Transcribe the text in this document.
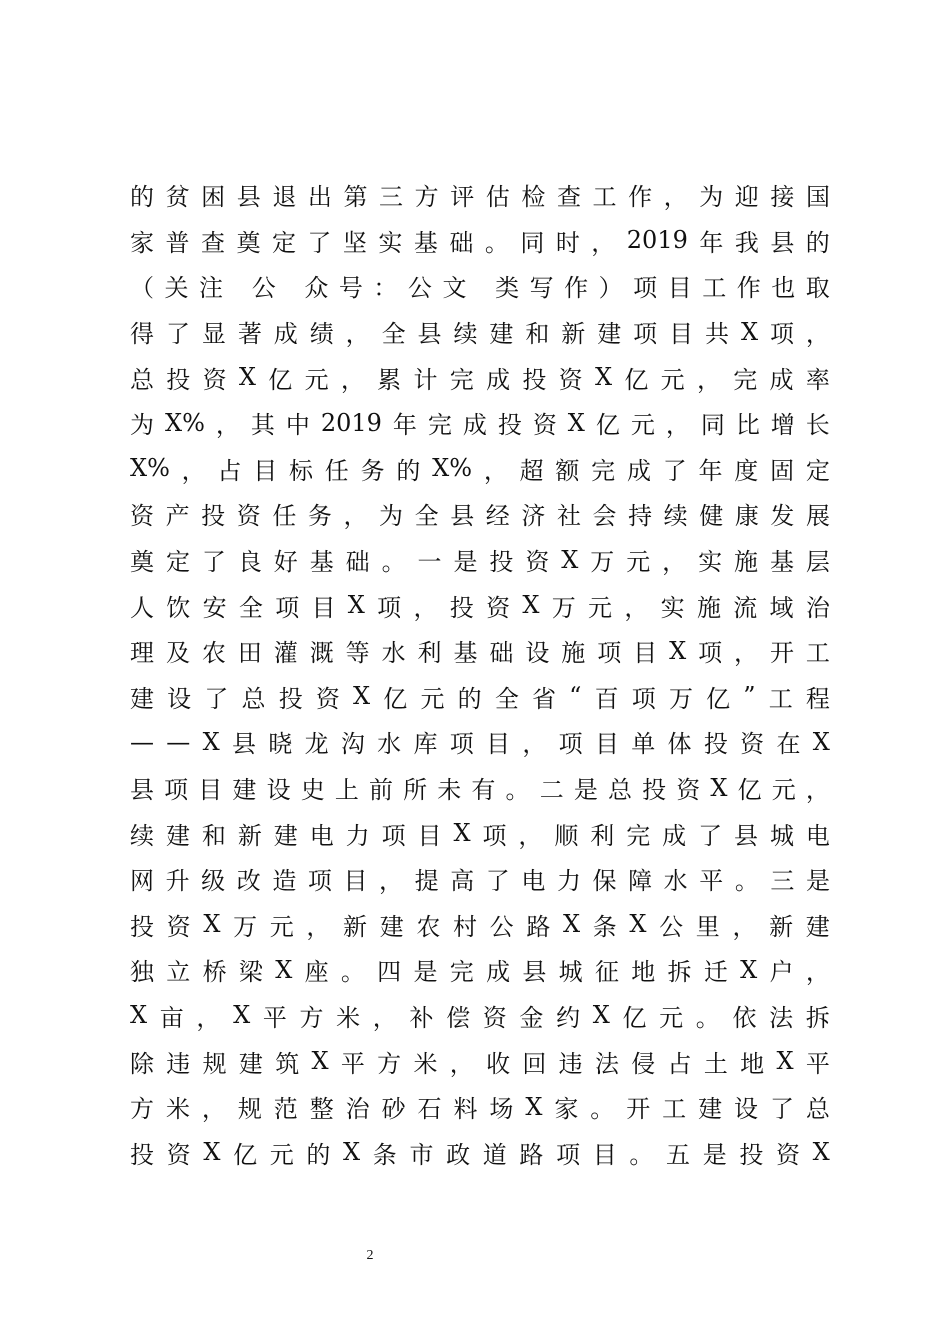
的 贫 困 县 退 出 第 三 方 评 估 检 查 工 作 ， 为 迎 接 国
家 普 查 奠 定 了 坚 实 基 础 。 同 时 ， 2019 年 我 县 的
（ 关 注
公
众 号 ： 公 文
类 写 作 ） 项 目 工 作 也 取
得 了 显 著 成 绩 ， 全 县 续 建 和 新 建 项 目 共 X 项 ，
总 投 资 X 亿 元 ， 累 计 完 成 投 资 X 亿 元 ， 完 成 率
为 X% ， 其 中 2019 年 完 成 投 资 X 亿 元 ， 同 比 增 长
X% ， 占 目 标 任 务 的 X% ， 超 额 完 成 了 年 度 固 定
资 产 投 资 任 务 ， 为 全 县 经 济 社 会 持 续 健 康 发 展
奠 定 了 良 好 基 础 。 一 是 投 资 X 万 元 ， 实 施 基 层
人 饮 安 全 项 目 X 项 ， 投 资 X 万 元 ， 实 施 流 域 治
理 及 农 田 灌 溉 等 水 利 基 础 设 施 项 目 X 项 ， 开 工
建 设 了 总 投 资 X 亿 元 的 全 省 “ 百 项 万 亿 ” 工 程
— — X 县 晓 龙 沟 水 库 项 目 ， 项 目 单 体 投 资 在 X
县 项 目 建 设 史 上 前 所 未 有 。 二 是 总 投 资 X 亿 元 ，
续 建 和 新 建 电 力 项 目 X 项 ， 顺 利 完 成 了 县 城 电
网 升 级 改 造 项 目 ， 提 高 了 电 力 保 障 水 平 。 三 是
投 资 X 万 元 ， 新 建 农 村 公 路 X 条 X 公 里 ， 新 建
独 立 桥 梁 X 座 。 四 是 完 成 县 城 征 地 拆 迁 X 户 ，
X 亩 ， X 平 方 米 ， 补 偿 资 金 约 X 亿 元 。 依 法 拆
除 违 规 建 筑 X 平 方 米 ， 收 回 违 法 侵 占 土 地 X 平
方 米 ， 规 范 整 治 砂 石 料 场 X 家 。 开 工 建 设 了 总
投 资 X 亿 元 的 X 条 市 政 道 路 项 目 。 五 是 投 资 X
2
